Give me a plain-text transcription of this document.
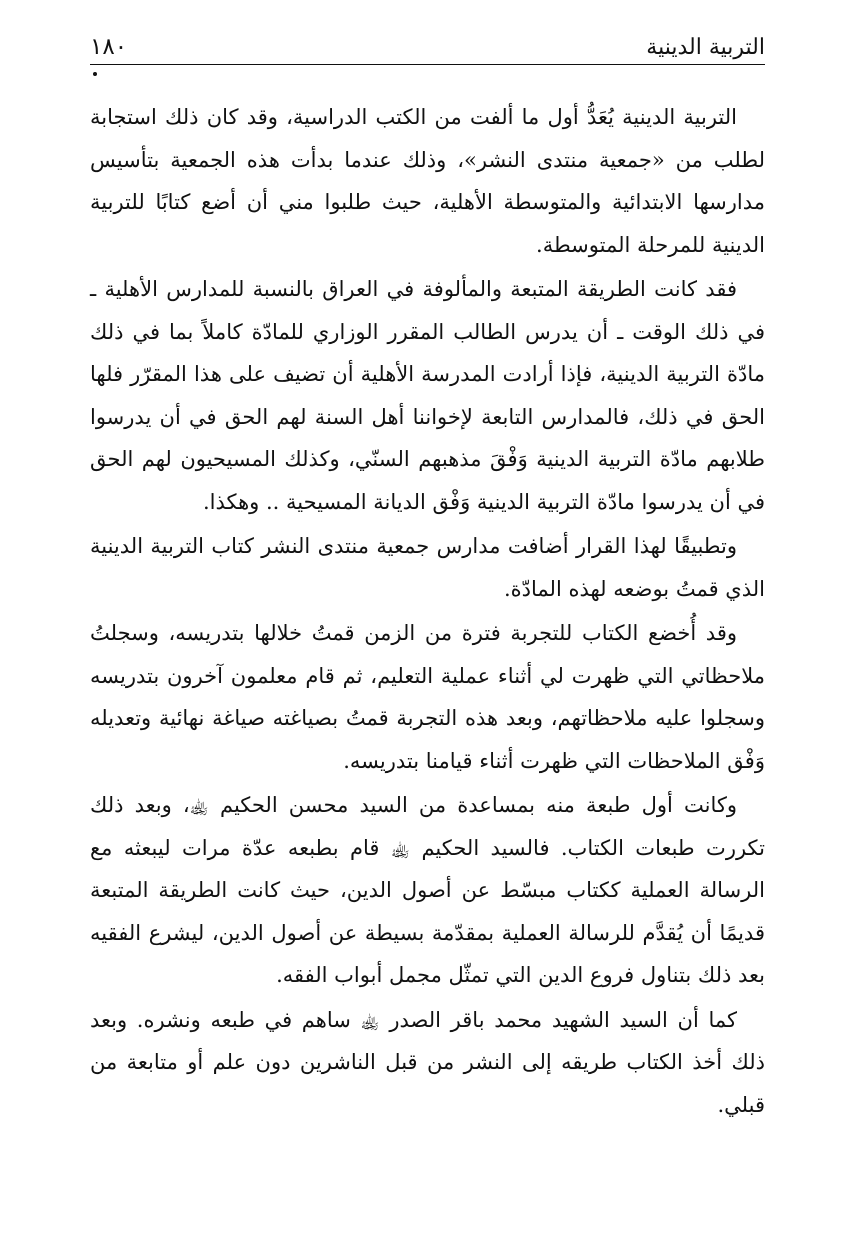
التربية الدينية
١٨٠

التربية الدينية يُعَدُّ أول ما ألفت من الكتب الدراسية، وقد كان ذلك استجابة لطلب من «جمعية منتدى النشر»، وذلك عندما بدأت هذه الجمعية بتأسيس مدارسها الابتدائية والمتوسطة الأهلية، حيث طلبوا مني أن أضع كتابًا للتربية الدينية للمرحلة المتوسطة.

فقد كانت الطريقة المتبعة والمألوفة في العراق بالنسبة للمدارس الأهلية ـ في ذلك الوقت ـ أن يدرس الطالب المقرر الوزاري للمادّة كاملاً بما في ذلك مادّة التربية الدينية، فإذا أرادت المدرسة الأهلية أن تضيف على هذا المقرّر فلها الحق في ذلك، فالمدارس التابعة لإخواننا أهل السنة لهم الحق في أن يدرسوا طلابهم مادّة التربية الدينية وَفْقَ مذهبهم السنّي، وكذلك المسيحيون لهم الحق في أن يدرسوا مادّة التربية الدينية وَفْق الديانة المسيحية .. وهكذا.

وتطبيقًا لهذا القرار أضافت مدارس جمعية منتدى النشر كتاب التربية الدينية الذي قمتُ بوضعه لهذه المادّة.

وقد أُخضع الكتاب للتجربة فترة من الزمن قمتُ خلالها بتدريسه، وسجلتُ ملاحظاتي التي ظهرت لي أثناء عملية التعليم، ثم قام معلمون آخرون بتدريسه وسجلوا عليه ملاحظاتهم، وبعد هذه التجربة قمتُ بصياغته صياغة نهائية وتعديله وَفْق الملاحظات التي ظهرت أثناء قيامنا بتدريسه.

وكانت أول طبعة منه بمساعدة من السيد محسن الحكيم ﵀، وبعد ذلك تكررت طبعات الكتاب. فالسيد الحكيم ﵀ قام بطبعه عدّة مرات ليبعثه مع الرسالة العملية ككتاب مبسّط عن أصول الدين، حيث كانت الطريقة المتبعة قديمًا أن يُقدَّم للرسالة العملية بمقدّمة بسيطة عن أصول الدين، ليشرع الفقيه بعد ذلك بتناول فروع الدين التي تمثّل مجمل أبواب الفقه.

كما أن السيد الشهيد محمد باقر الصدر ﵀ ساهم في طبعه ونشره. وبعد ذلك أخذ الكتاب طريقه إلى النشر من قبل الناشرين دون علم أو متابعة من قبلي.
